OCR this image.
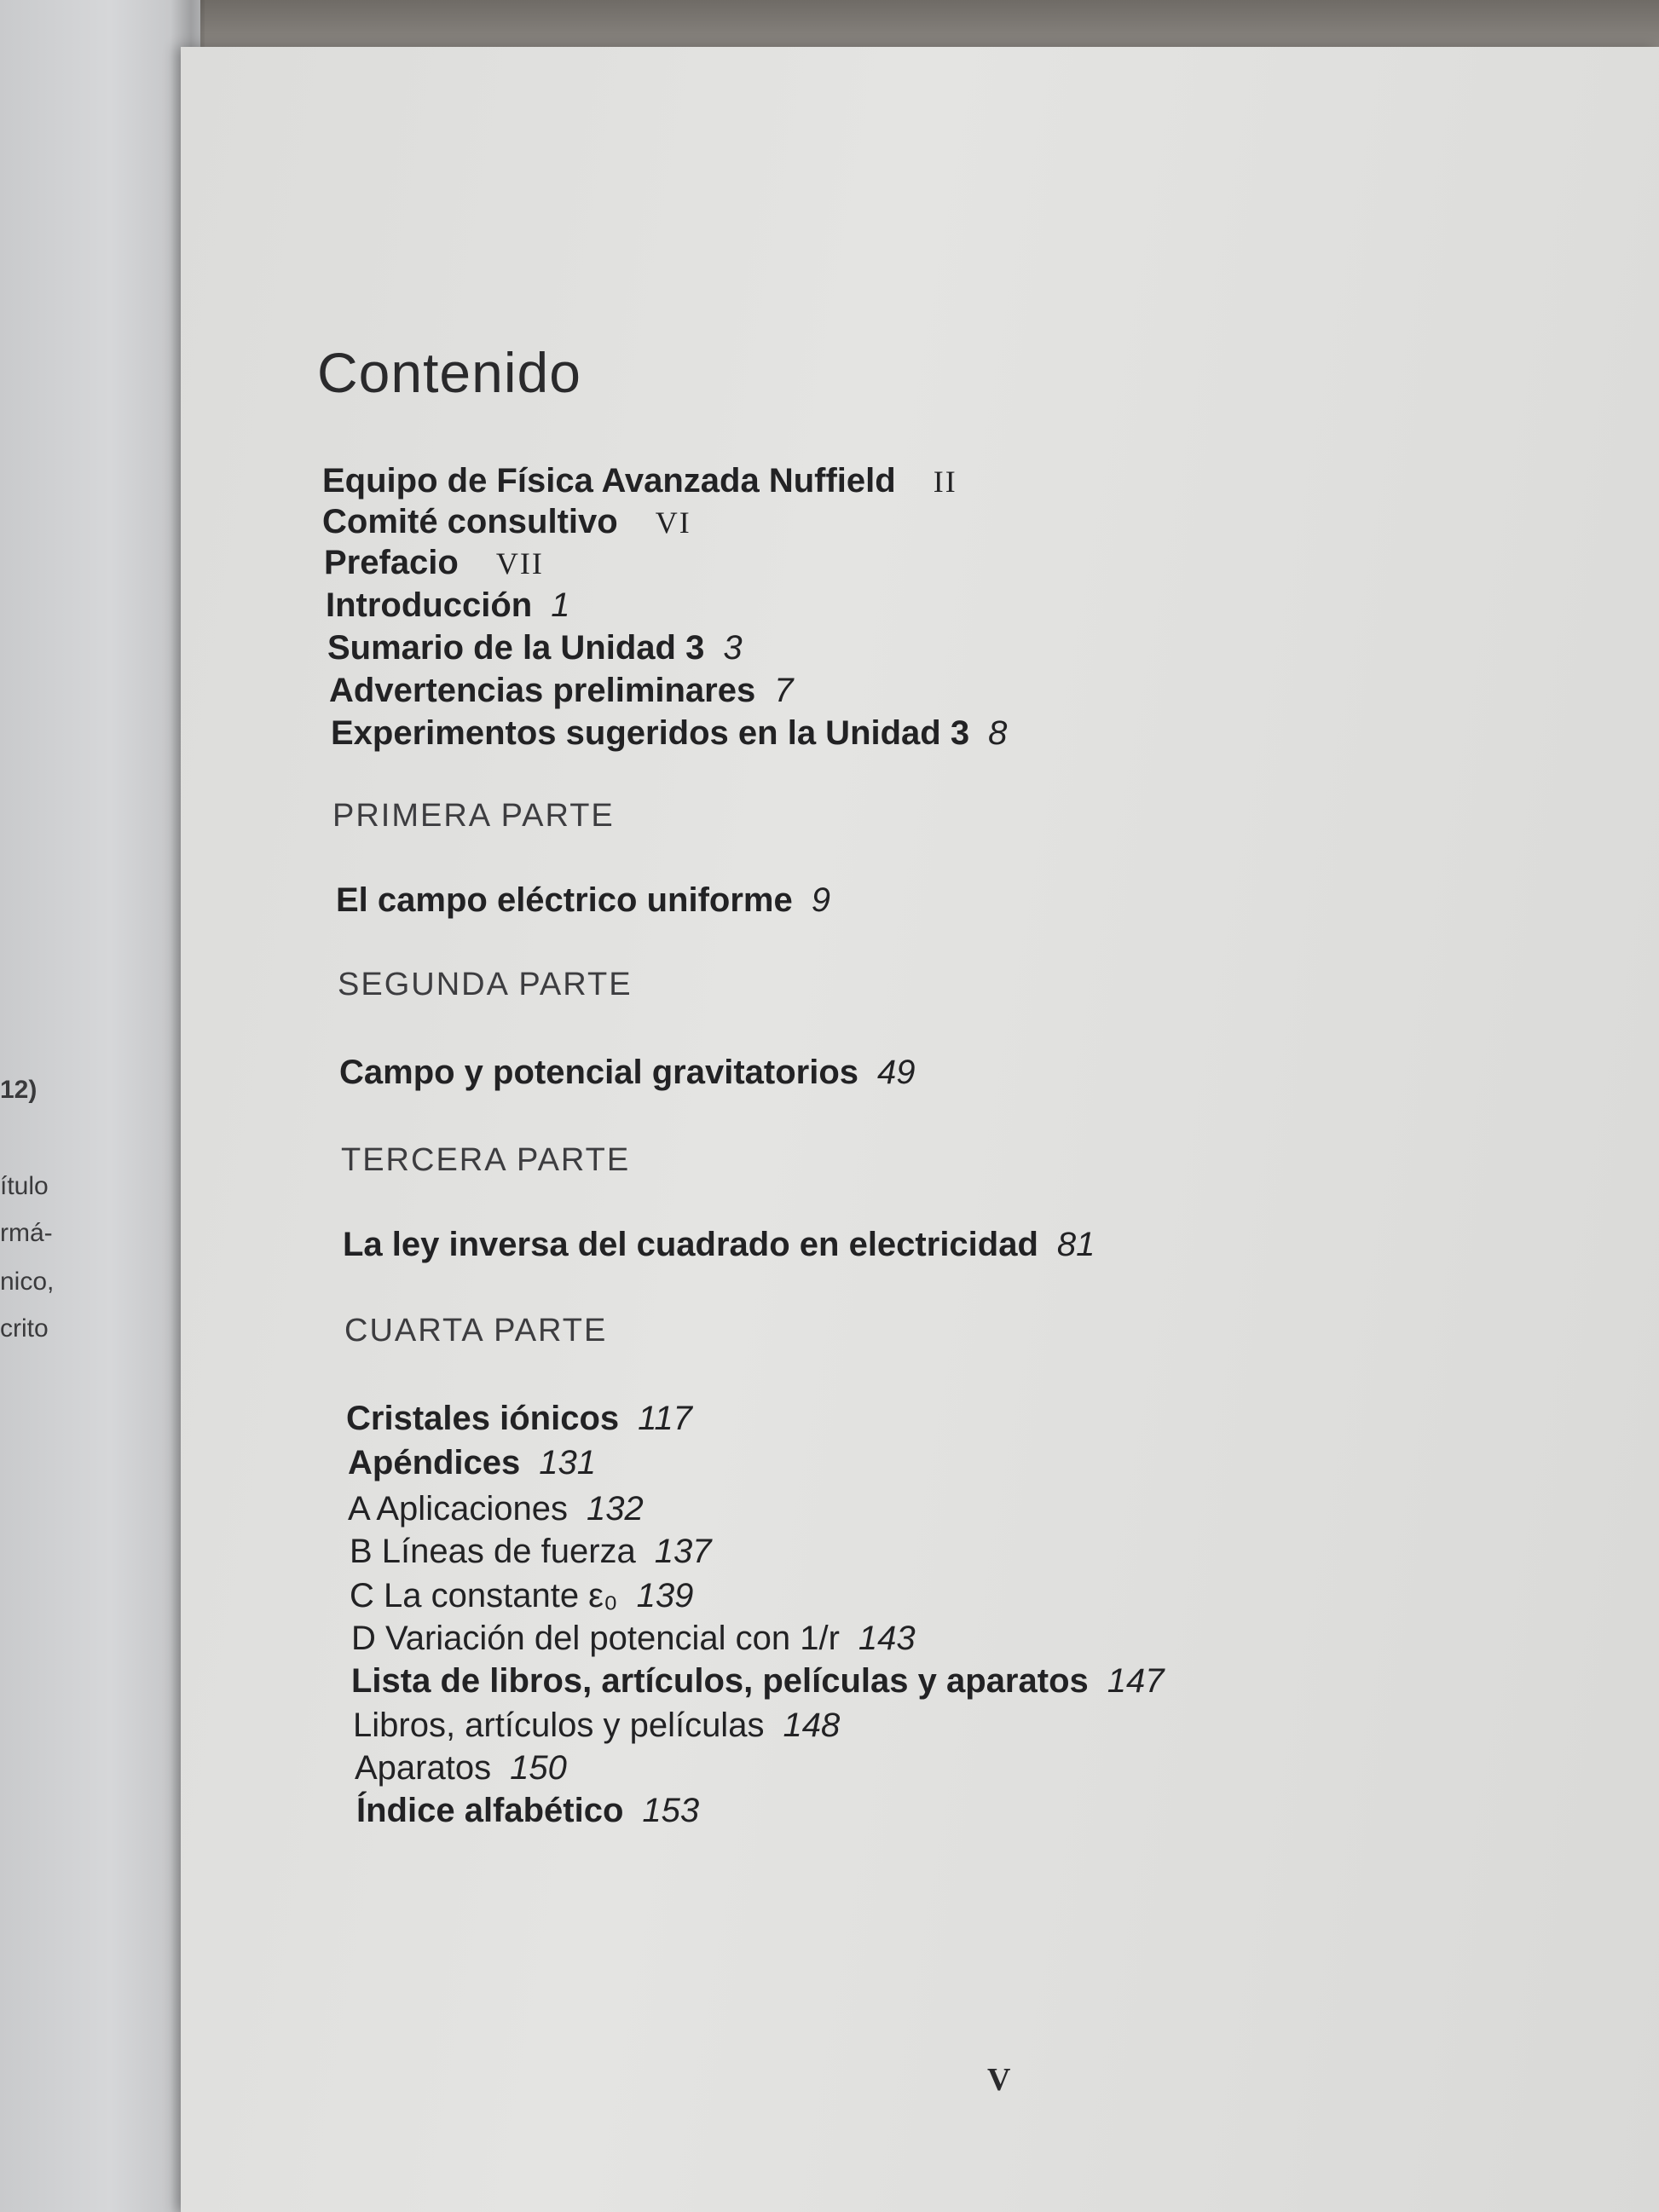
12)
ítulo
rmá-
nico,
crito
Contenido
Equipo de Física Avanzada Nuffield II
Comité consultivo VI
Prefacio VII
Introducción 1
Sumario de la Unidad 3 3
Advertencias preliminares 7
Experimentos sugeridos en la Unidad 3 8
PRIMERA PARTE
El campo eléctrico uniforme 9
SEGUNDA PARTE
Campo y potencial gravitatorios 49
TERCERA PARTE
La ley inversa del cuadrado en electricidad 81
CUARTA PARTE
Cristales iónicos 117
Apéndices 131
A Aplicaciones 132
B Líneas de fuerza 137
C La constante ε₀ 139
D Variación del potencial con 1/r 143
Lista de libros, artículos, películas y aparatos 147
Libros, artículos y películas 148
Aparatos 150
Índice alfabético 153
V
